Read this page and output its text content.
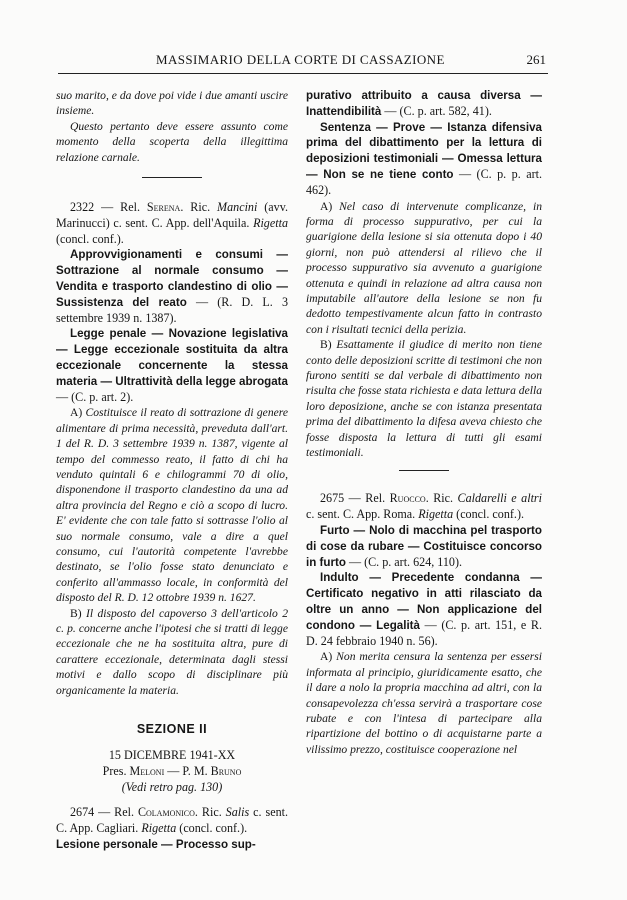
MASSIMARIO DELLA CORTE DI CASSAZIONE	261

suo marito, e da dove poi vide i due amanti uscire insieme.

Questo pertanto deve essere assunto come momento della scoperta della illegittima relazione carnale.

2322 — Rel. Serena. Ric. Mancini (avv. Marinucci) c. sent. C. App. dell'Aquila. Rigetta (concl. conf.).

Approvvigionamenti e consumi — Sottrazione al normale consumo — Vendita e trasporto clandestino di olio — Sussistenza del reato — (R. D. L. 3 settembre 1939 n. 1387).

Legge penale — Novazione legislativa — Legge eccezionale sostituita da altra eccezionale concernente la stessa materia — Ultrattività della legge abrogata — (C. p. art. 2).

A) Costituisce il reato di sottrazione di genere alimentare di prima necessità, preveduta dall'art. 1 del R. D. 3 settembre 1939 n. 1387, vigente al tempo del commesso reato, il fatto di chi ha venduto quintali 6 e chilogrammi 70 di olio, disponendone il trasporto clandestino da una ad altra provincia del Regno e ciò a scopo di lucro. E' evidente che con tale fatto si sottrasse l'olio al suo normale consumo, vale a dire a quel consumo, cui l'autorità competente l'avrebbe destinato, se l'olio fosse stato denunciato e conferito all'ammasso locale, in conformità del disposto del R. D. 12 ottobre 1939 n. 1627.

B) Il disposto del capoverso 3 dell'articolo 2 c. p. concerne anche l'ipotesi che si tratti di legge eccezionale che ne ha sostituita altra, pure di carattere eccezionale, determinata dagli stessi motivi e dallo scopo di disciplinare più organicamente la materia.

SEZIONE II

15 DICEMBRE 1941-XX

Pres. Meloni — P. M. Bruno

(Vedi retro pag. 130)

2674 — Rel. Colamonico. Ric. Salis c. sent. C. App. Cagliari. Rigetta (concl. conf.).

Lesione personale — Processo sup-

purativo attribuito a causa diversa — Inattendibilità — (C. p. art. 582, 41).

Sentenza — Prove — Istanza difensiva prima del dibattimento per la lettura di deposizioni testimoniali — Omessa lettura — Non se ne tiene conto — (C. p. p. art. 462).

A) Nel caso di intervenute complicanze, in forma di processo suppurativo, per cui la guarigione della lesione si sia ottenuta dopo i 40 giorni, non può attendersi al rilievo che il processo suppurativo sia avvenuto a guarigione ottenuta e quindi in relazione ad altra causa non imputabile all'autore della lesione se non fu dedotto tempestivamente alcun fatto in contrasto con i risultati tecnici della perizia.

B) Esattamente il giudice di merito non tiene conto delle deposizioni scritte di testimoni che non furono sentiti se dal verbale di dibattimento non risulta che fosse stata richiesta e data lettura della loro deposizione, anche se con istanza presentata prima del dibattimento la difesa aveva chiesto che fosse disposta la lettura di tutti gli esami testimoniali.

2675 — Rel. Ruocco. Ric. Caldarelli e altri c. sent. C. App. Roma. Rigetta (concl. conf.).

Furto — Nolo di macchina pel trasporto di cose da rubare — Costituisce concorso in furto — (C. p. art. 624, 110).

Indulto — Precedente condanna — Certificato negativo in atti rilasciato da oltre un anno — Non applicazione del condono — Legalità — (C. p. art. 151, e R. D. 24 febbraio 1940 n. 56).

A) Non merita censura la sentenza per essersi informata al principio, giuridicamente esatto, che il dare a nolo la propria macchina ad altri, con la consapevolezza ch'essa servirà a trasportare cose rubate e con l'intesa di partecipare alla ripartizione del bottino o di acquistarne parte a vilissimo prezzo, costituisce cooperazione nel
